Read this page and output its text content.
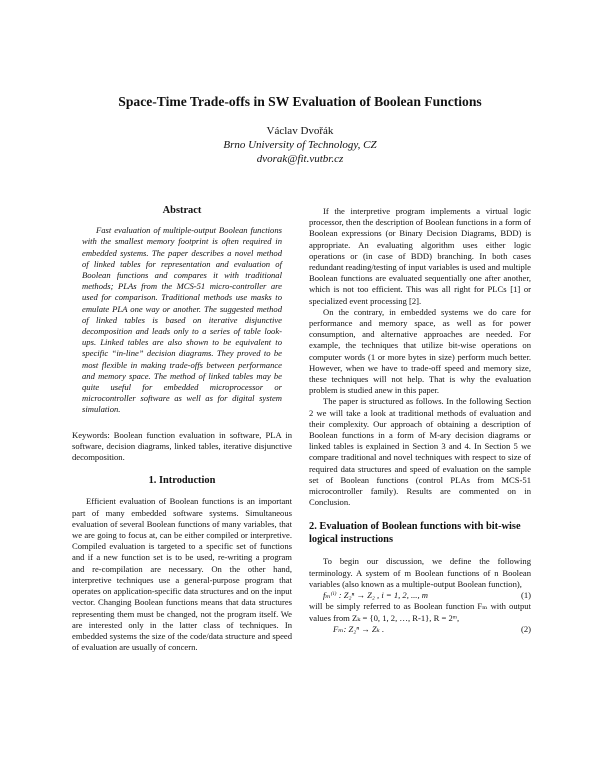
Space-Time Trade-offs in SW Evaluation of Boolean Functions
Václav Dvořák
Brno University of Technology, CZ
dvorak@fit.vutbr.cz
Abstract

Fast evaluation of multiple-output Boolean functions with the smallest memory footprint is often required in embedded systems. The paper describes a novel method of linked tables for representation and evaluation of Boolean functions and compares it with traditional methods; PLAs from the MCS-51 micro-controller are used for comparison. Traditional methods use masks to emulate PLA one way or another. The suggested method of linked tables is based on iterative disjunctive decomposition and leads only to a series of table look-ups. Linked tables are also shown to be equivalent to specific “in-line” decision diagrams. They proved to be most flexible in making trade-offs between performance and memory space. The method of linked tables may be quite useful for embedded microprocessor or microcontroller software as well as for digital system simulation.

Keywords: Boolean function evaluation in software, PLA in software, decision diagrams, linked tables, iterative disjunctive decomposition.

1. Introduction

Efficient evaluation of Boolean functions is an important part of many embedded software systems. Simultaneous evaluation of several Boolean functions of many variables, that we are going to focus at, can be either compiled or interpretive. Compiled evaluation is targeted to a specific set of functions and if a new function set is to be used, re-writing a program and re-compilation are necessary. On the other hand, interpretive techniques use a general-purpose program that operates on application-specific data structures and on the input vector. Changing Boolean functions means that data structures representing them must be changed, not the program itself. We are interested only in the latter class of techniques. In embedded systems the size of the code/data structure and speed of evaluation are usually of concern.

If the interpretive program implements a virtual logic processor, then the description of Boolean functions in a form of Boolean expressions (or Binary Decision Diagrams, BDD) is appropriate. An evaluating algorithm uses either logic operations or (in case of BDD) branching. In both cases redundant reading/testing of input variables is used and multiple Boolean functions are evaluated sequentially one after another, which is not too efficient. This was all right for PLCs [1] or specialized event processing [2].

On the contrary, in embedded systems we do care for performance and memory space, as well as for power consumption, and alternative approaches are needed. For example, the techniques that utilize bit-wise operations on computer words (1 or more bytes in size) perform much better. However, when we have to trade-off speed and memory size, these techniques will not help. That is why the evaluation problem is studied anew in this paper.

The paper is structured as follows. In the following Section 2 we will take a look at traditional methods of evaluation and their complexity. Our approach of obtaining a description of Boolean functions in a form of M-ary decision diagrams or linked tables is explained in Section 3 and 4. In Section 5 we compare traditional and novel techniques with respect to size of required data structures and speed of evaluation on the sample set of Boolean functions (control PLAs from MCS-51 microcontroller family). Results are commented on in Conclusion.

2. Evaluation of Boolean functions with bit-wise logical instructions

To begin our discussion, we define the following terminology. A system of m Boolean functions of n Boolean variables (also known as a multiple-output Boolean function),

fₘ⁽ⁱ⁾ : Z₂ⁿ → Z₂ , i = 1, 2, ..., m	(1)

will be simply referred to as Boolean function Fₘ with output values from Zₖ = {0, 1, 2, …, R-1}, R = 2ᵐ,

Fₘ: Z₂ⁿ → Zₖ .	(2)
